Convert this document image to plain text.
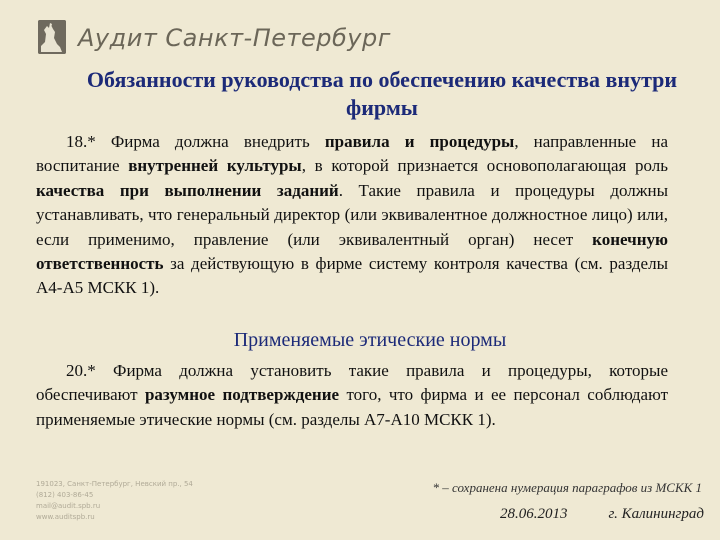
Аудит Санкт-Петербург
Обязанности руководства по обеспечению качества внутри фирмы
18.* Фирма должна внедрить правила и процедуры, направленные на воспитание внутренней культуры, в которой признается основополагающая роль качества при выполнении заданий. Такие правила и процедуры должны устанавливать, что генеральный директор (или эквивалентное должностное лицо) или, если применимо, правление (или эквивалентный орган) несет конечную ответственность за действующую в фирме систему контроля качества (см. разделы А4-А5 МСКК 1).
Применяемые этические нормы
20.* Фирма должна установить такие правила и процедуры, которые обеспечивают разумное подтверждение того, что фирма и ее персонал соблюдают применяемые этические нормы (см. разделы А7-А10 МСКК 1).
191023, Санкт-Петербург, Невский пр., 54
(812) 403-86-45
mail@audit.spb.ru
www.auditspb.ru
* – сохранена нумерация параграфов из МСКК 1
28.06.2013	г. Калининград
